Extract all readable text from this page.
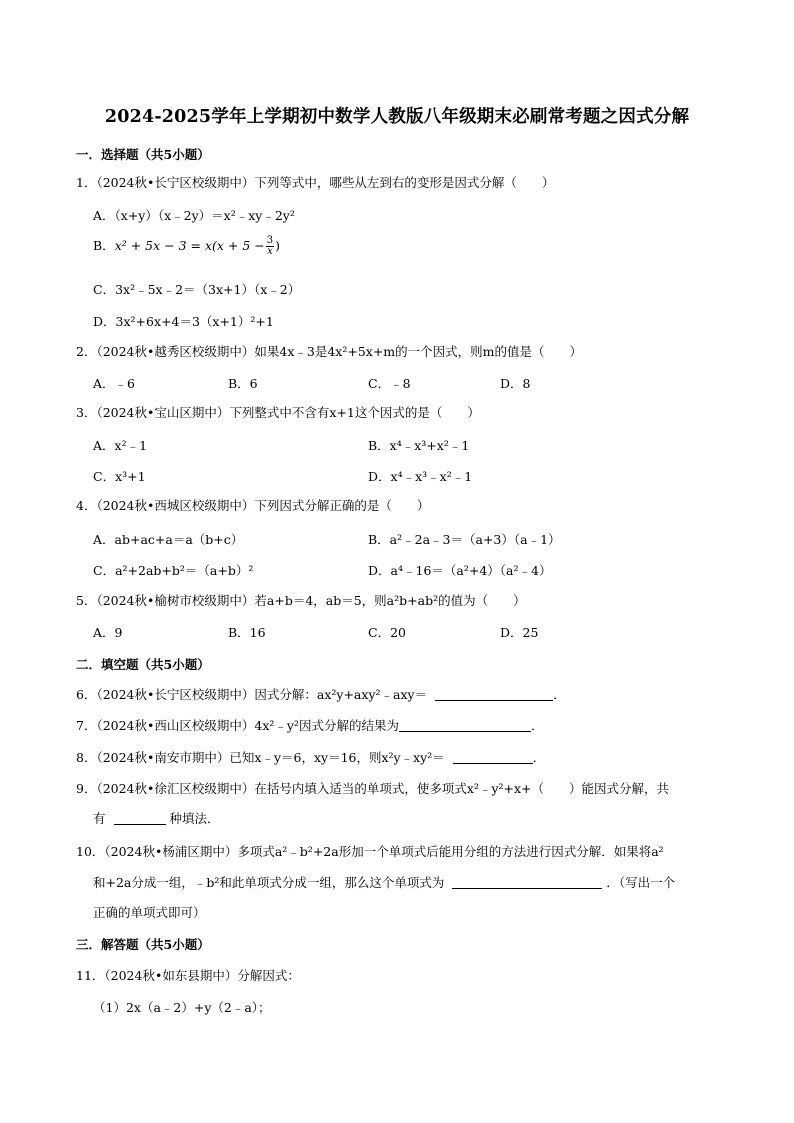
2024-2025学年上学期初中数学人教版八年级期末必刷常考题之因式分解
一．选择题（共5小题）
1．（2024秋•长宁区校级期中）下列等式中，哪些从左到右的变形是因式分解（　　）
A．（x+y）（x﹣2y）＝x²﹣xy﹣2y²
B．$x^2 + 5x - 3 = x(x + 5 - \frac{3}{x}$ )
C．3x²﹣5x﹣2＝（3x+1）（x﹣2）
D．3x²+6x+4＝3（x+1）²+1
2．（2024秋•越秀区校级期中）如果4x﹣3是4x²+5x+m的一个因式，则m的值是（　　）
A．﹣6	B．6	C．﹣8	D．8
3．（2024秋•宝山区期中）下列整式中不含有x+1这个因式的是（　　）
A．x²﹣1	B．x⁴﹣x³+x²﹣1
C．x³+1	D．x⁴﹣x³﹣x²﹣1
4．（2024秋•西城区校级期中）下列因式分解正确的是（　　）
A．ab+ac+a＝a（b+c）	B．a²﹣2a﹣3＝（a+3）（a﹣1）
C．a²+2ab+b²＝（a+b）²	D．a⁴﹣16＝（a²+4）（a²﹣4）
5．（2024秋•榆树市校级期中）若a+b＝4，ab＝5，则a²b+ab²的值为（　　）
A．9	B．16	C．20	D．25
二．填空题（共5小题）
6．（2024秋•长宁区校级期中）因式分解：ax²y+axy²﹣axy＝	．
7．（2024秋•西山区校级期中）4x²﹣y²因式分解的结果为	．
8．（2024秋•南安市期中）已知x﹣y＝6，xy＝16，则x²y﹣xy²＝	．
9．（2024秋•徐汇区校级期中）在括号内填入适当的单项式，使多项式x²﹣y²+x+（　　）能因式分解，共
有	种填法．
10．（2024秋•杨浦区期中）多项式a²﹣b²+2a形加一个单项式后能用分组的方法进行因式分解．如果将a²
和+2a分成一组，﹣b²和此单项式分成一组，那么这个单项式为	．（写出一个
正确的单项式即可）
三．解答题（共5小题）
11．（2024秋•如东县期中）分解因式：
（1）2x（a﹣2）+y（2﹣a）；
